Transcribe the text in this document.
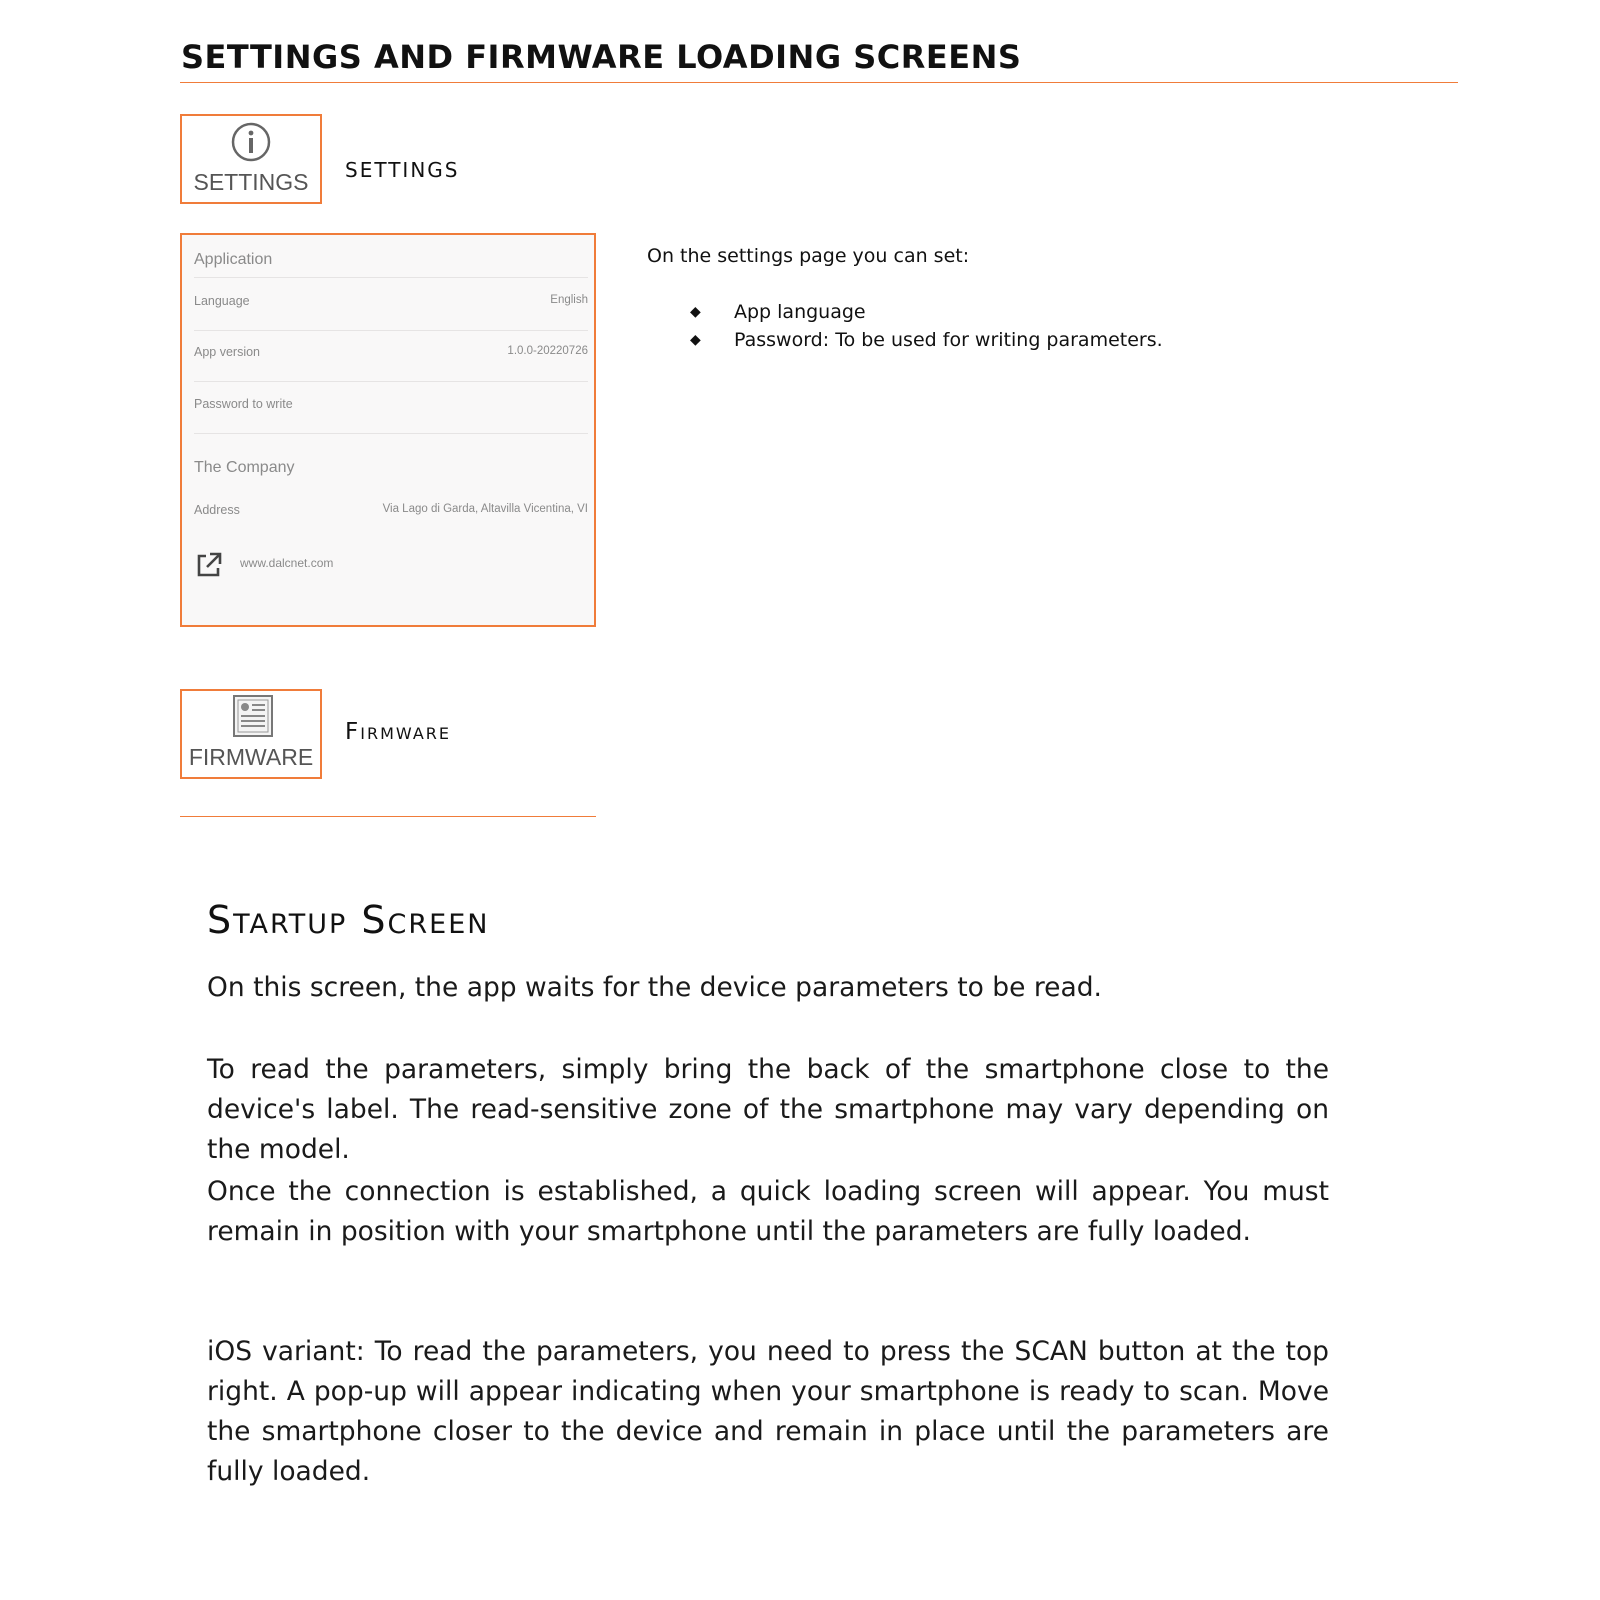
SETTINGS AND FIRMWARE LOADING SCREENS
SETTINGS	SETTINGS
Application
Language	English
App version	1.0.0-20220726
Password to write
The Company
Address	Via Lago di Garda, Altavilla Vicentina, VI
www.dalcnet.com

On the settings page you can set:

◆ App language
◆ Password: To be used for writing parameters.
FIRMWARE
Firmware
Startup Screen

On this screen, the app waits for the device parameters to be read.

To read the parameters, simply bring the back of the smartphone close to the device's label. The read-sensitive zone of the smartphone may vary depending on the model.

Once the connection is established, a quick loading screen will appear. You must remain in position with your smartphone until the parameters are fully loaded.

iOS variant: To read the parameters, you need to press the SCAN button at the top right. A pop-up will appear indicating when your smartphone is ready to scan. Move the smartphone closer to the device and remain in place until the parameters are fully loaded.
